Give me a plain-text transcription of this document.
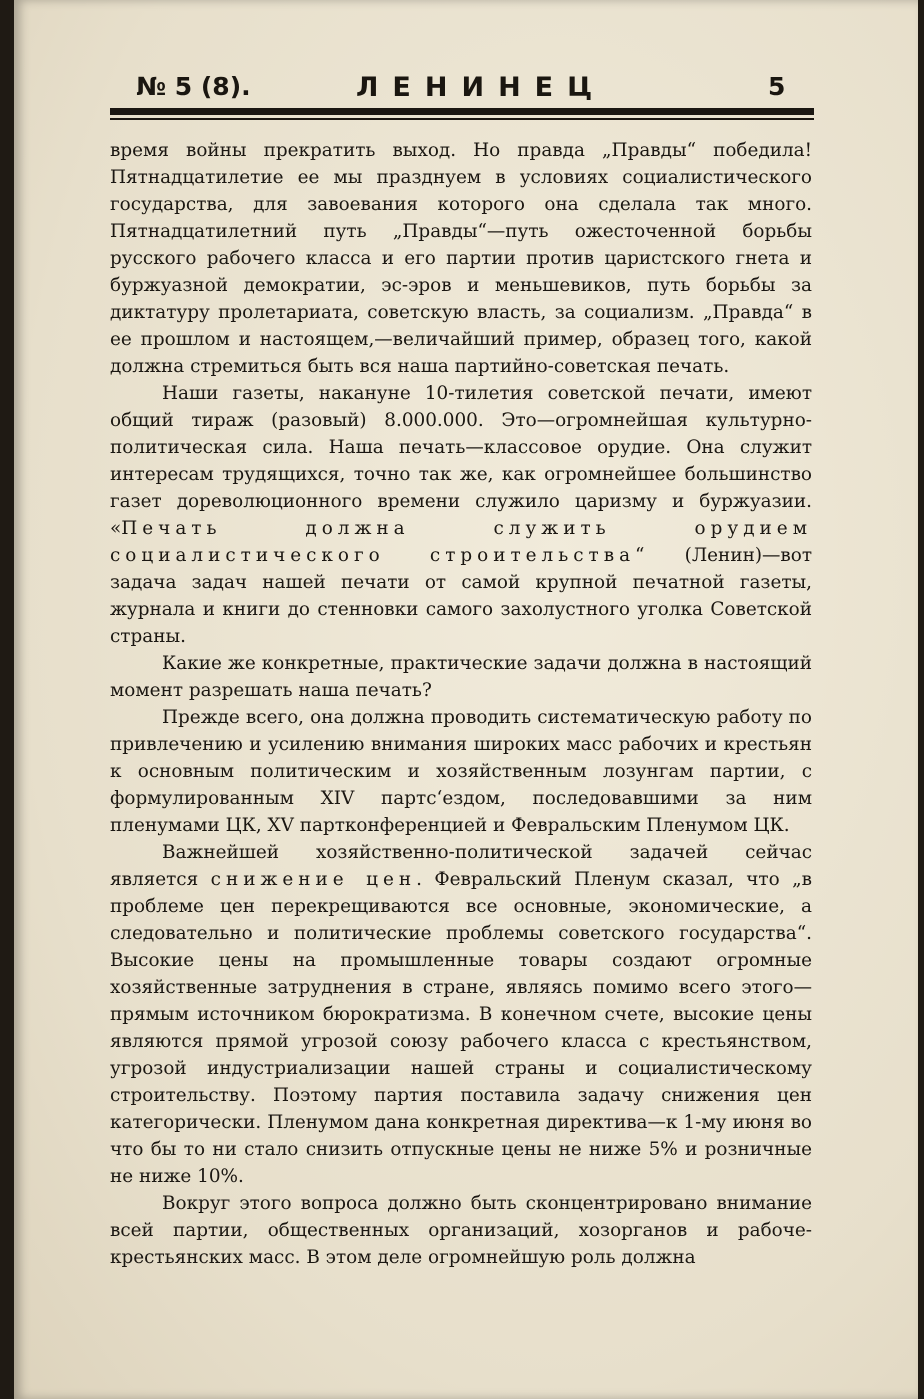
№ 5 (8).	ЛЕНИНЕЦ	5

время войны прекратить выход. Но правда „Правды“ победила! Пятнадцатилетие ее мы празднуем в условиях социалистического государства, для завоевания которого она сделала так много. Пятнадцатилетний путь „Правды“—путь ожесточенной борьбы русского рабочего класса и его партии против царистского гнета и буржуазной демократии, эс-эров и меньшевиков, путь борьбы за диктатуру пролетариата, советскую власть, за социализм. „Правда“ в ее прошлом и настоящем,—величайший пример, образец того, какой должна стремиться быть вся наша партийно-советская печать.

Наши газеты, накануне 10-тилетия советской печати, имеют общий тираж (разовый) 8.000.000. Это—огромнейшая культурно-политическая сила. Наша печать—классовое орудие. Она служит интересам трудящихся, точно так же, как огромнейшее большинство газет дореволюционного времени служило царизму и буржуазии. «Печать должна служить орудием социалистического строительства“ (Ленин)—вот задача задач нашей печати от самой крупной печатной газеты, журнала и книги до стенновки самого захолустного уголка Советской страны.

Какие же конкретные, практические задачи должна в настоящий момент разрешать наша печать?

Прежде всего, она должна проводить систематическую работу по привлечению и усилению внимания широких масс рабочих и крестьян к основным политическим и хозяйственным лозунгам партии, с формулированным XIV партс‘ездом, последовавшими за ним пленумами ЦК, XV партконференцией и Февральским Пленумом ЦК.

Важнейшей хозяйственно-политической задачей сейчас является снижение цен. Февральский Пленум сказал, что „в проблеме цен перекрещиваются все основные, экономические, а следовательно и политические проблемы советского государства“. Высокие цены на промышленные товары создают огромные хозяйственные затруднения в стране, являясь помимо всего этого—прямым источником бюрократизма. В конечном счете, высокие цены являются прямой угрозой союзу рабочего класса с крестьянством, угрозой индустриализации нашей страны и социалистическому строительству. Поэтому партия поставила задачу снижения цен категорически. Пленумом дана конкретная директива—к 1-му июня во что бы то ни стало снизить отпускные цены не ниже 5% и розничные не ниже 10%.

Вокруг этого вопроса должно быть сконцентрировано внимание всей партии, общественных организаций, хозорганов и рабоче-крестьянских масс. В этом деле огромнейшую роль должна
